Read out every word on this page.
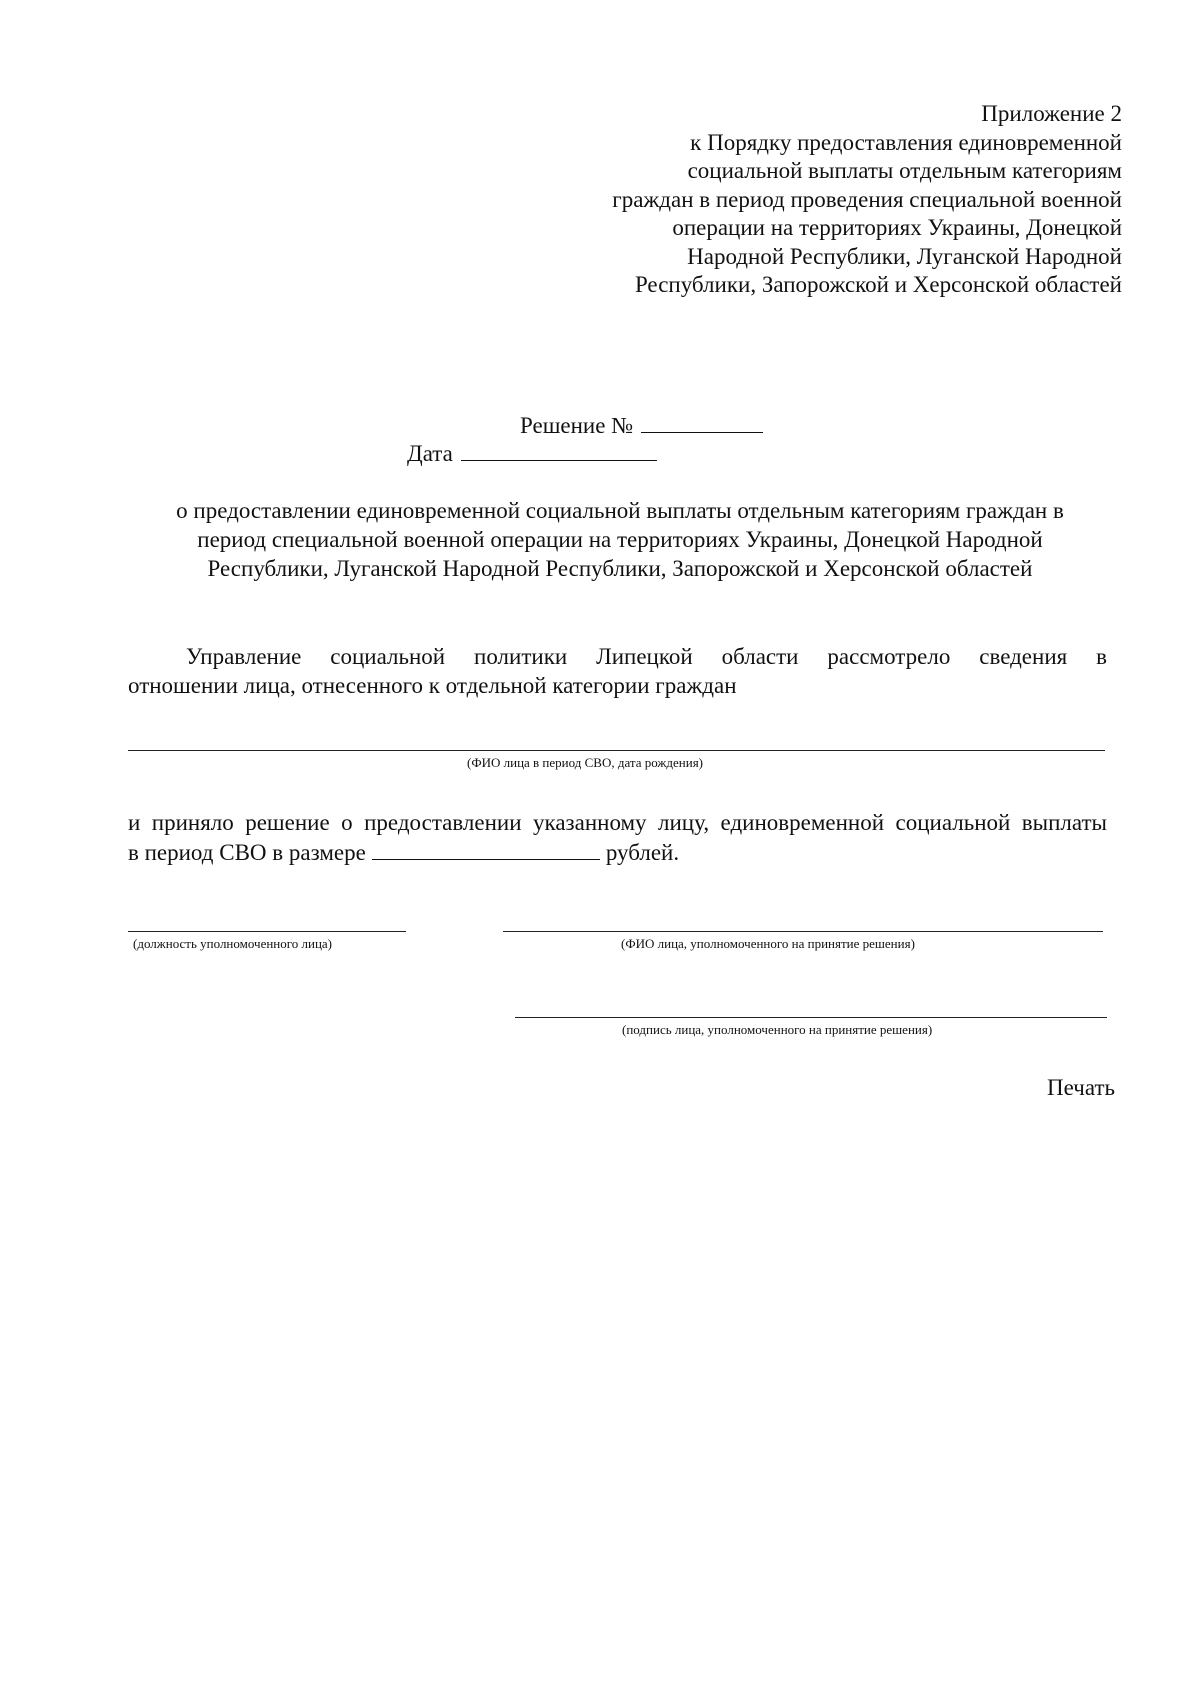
Приложение 2
к Порядку предоставления единовременной
социальной выплаты отдельным категориям
граждан в период проведения специальной военной
операции на территориях Украины, Донецкой
Народной Республики, Луганской Народной
Республики, Запорожской и Херсонской областей
Решение №
Дата
о предоставлении единовременной социальной выплаты отдельным категориям граждан в
период специальной военной операции на территориях Украины, Донецкой Народной
Республики, Луганской Народной Республики, Запорожской и Херсонской областей
Управление социальной политики Липецкой области рассмотрело сведения в
отношении лица, отнесенного к отдельной категории граждан
(ФИО лица в период СВО, дата рождения)
и приняло решение о предоставлении указанному лицу, единовременной социальной выплаты
в период СВО в размере	рублей.
(должность уполномоченного лица)	(ФИО лица, уполномоченного на принятие решения)
(подпись лица, уполномоченного на принятие решения)
Печать
